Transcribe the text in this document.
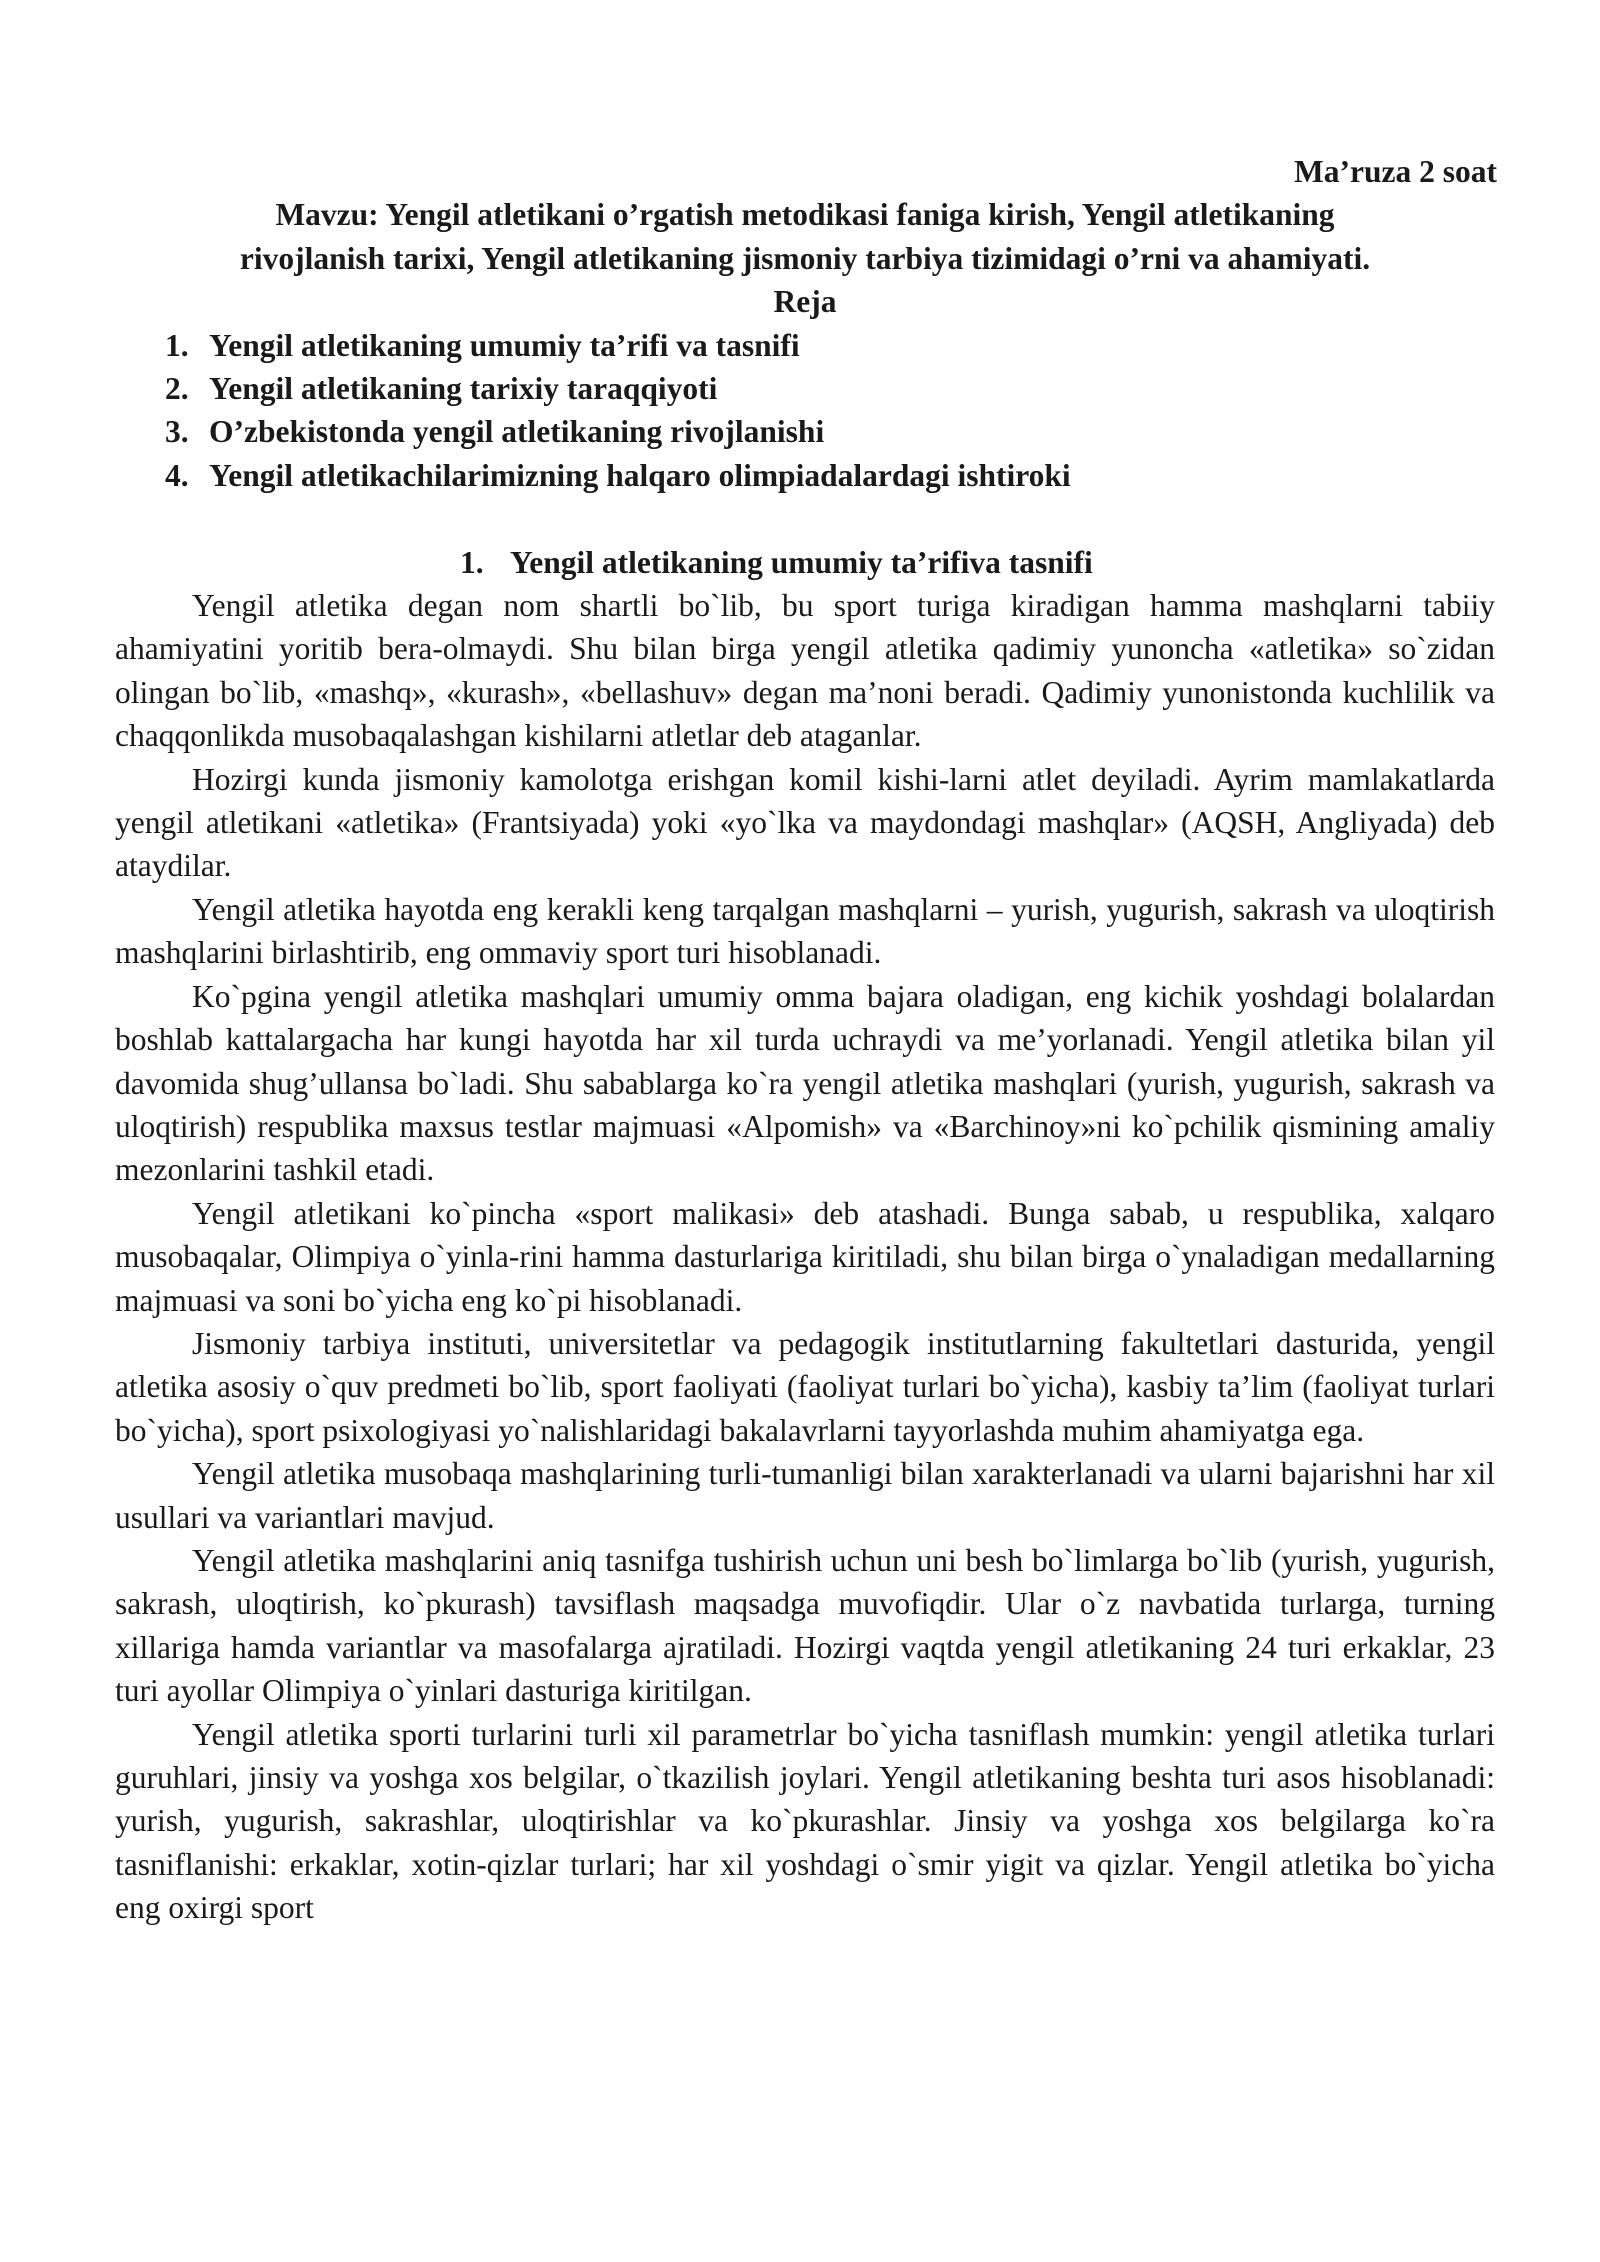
Ma’ruza 2 soat
Mavzu: Yengil atletikani o’rgatish metodikasi faniga kirish, Yengil atletikaning
rivojlanish tarixi, Yengil atletikaning jismoniy tarbiya tizimidagi o’rni va ahamiyati.
Reja
1. Yengil atletikaning umumiy ta’rifi va tasnifi
2. Yengil atletikaning tarixiy taraqqiyoti
3. O’zbekistonda yengil atletikaning rivojlanishi
4. Yengil atletikachilarimizning halqaro olimpiadalardagi ishtiroki
1. Yengil atletikaning umumiy ta’rifiva tasnifi

Yengil atletika degan nom shartli bo`lib, bu sport turiga kiradigan hamma mashqlarni tabiiy ahamiyatini yoritib bera-olmaydi. Shu bilan birga yengil atletika qadimiy yunoncha «atletika» so`zidan olingan bo`lib, «mashq», «kurash», «bellashuv» degan ma’noni beradi. Qadimiy yunonistonda kuchlilik va chaqqonlikda musobaqalashgan kishilarni atletlar deb ataganlar.

Hozirgi kunda jismoniy kamolotga erishgan komil kishi-larni atlet deyiladi. Ayrim mamlakatlarda yengil atletikani «atletika» (Frantsiyada) yoki «yo`lka va maydondagi mashqlar» (AQSH, Angliyada) deb ataydilar.

Yengil atletika hayotda eng kerakli keng tarqalgan mashqlarni – yurish, yugurish, sakrash va uloqtirish mashqlarini birlashtirib, eng ommaviy sport turi hisoblanadi.

Ko`pgina yengil atletika mashqlari umumiy omma bajara oladigan, eng kichik yoshdagi bolalardan boshlab kattalargacha har kungi hayotda har xil turda uchraydi va me’yorlanadi. Yengil atletika bilan yil davomida shug’ullansa bo`ladi. Shu sabablarga ko`ra yengil atletika mashqlari (yurish, yugurish, sakrash va uloqtirish) respublika maxsus testlar majmuasi «Alpomish» va «Barchinoy»ni ko`pchilik qismining amaliy mezonlarini tashkil etadi.

Yengil atletikani ko`pincha «sport malikasi» deb atashadi. Bunga sabab, u respublika, xalqaro musobaqalar, Olimpiya o`yinla-rini hamma dasturlariga kiritiladi, shu bilan birga o`ynaladigan medallarning majmuasi va soni bo`yicha eng ko`pi hisoblanadi.

Jismoniy tarbiya instituti, universitetlar va pedagogik institutlarning fakultetlari dasturida, yengil atletika asosiy o`quv predmeti bo`lib, sport faoliyati (faoliyat turlari bo`yicha), kasbiy ta’lim (faoliyat turlari bo`yicha), sport psixologiyasi yo`nalishlaridagi bakalavrlarni tayyorlashda muhim ahamiyatga ega.

Yengil atletika musobaqa mashqlarining turli-tumanligi bilan xarakterlanadi va ularni bajarishni har xil usullari va variantlari mavjud.

Yengil atletika mashqlarini aniq tasnifga tushirish uchun uni besh bo`limlarga bo`lib (yurish, yugurish, sakrash, uloqtirish, ko`pkurash) tavsiflash maqsadga muvofiqdir. Ular o`z navbatida turlarga, turning xillariga hamda variantlar va masofalarga ajratiladi. Hozirgi vaqtda yengil atletikaning 24 turi erkaklar, 23 turi ayollar Olimpiya o`yinlari dasturiga kiritilgan.

Yengil atletika sporti turlarini turli xil parametrlar bo`yicha tasniflash mumkin: yengil atletika turlari guruhlari, jinsiy va yoshga xos belgilar, o`tkazilish joylari. Yengil atletikaning beshta turi asos hisoblanadi: yurish, yugurish, sakrashlar, uloqtirishlar va ko`pkurashlar. Jinsiy va yoshga xos belgilarga ko`ra tasniflanishi: erkaklar, xotin-qizlar turlari; har xil yoshdagi o`smir yigit va qizlar. Yengil atletika bo`yicha eng oxirgi sport
